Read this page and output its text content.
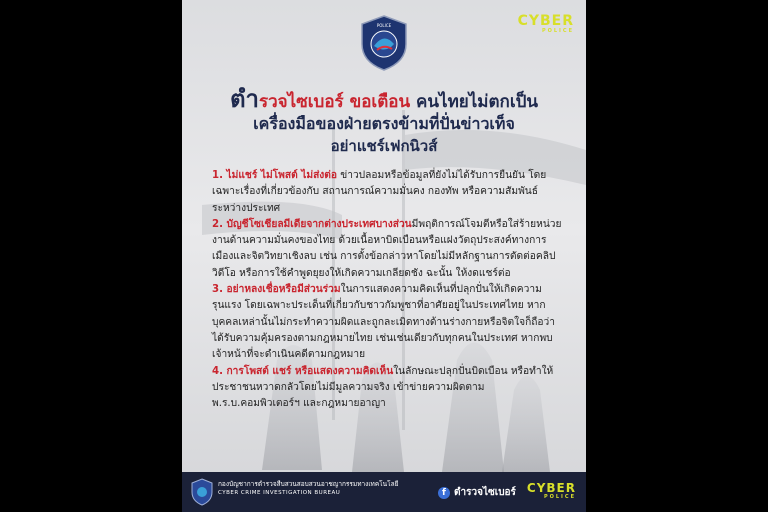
POLICE	CYBER
POLICE
ตำรวจไซเบอร์ ขอเตือน คนไทยไม่ตกเป็น
เครื่องมือของฝ่ายตรงข้ามที่ปั่นข่าวเท็จ
อย่าแชร์เฟกนิวส์

1. ไม่แชร์ ไม่โพสต์ ไม่ส่งต่อ ข่าวปลอมหรือข้อมูลที่ยังไม่ได้รับการยืนยัน โดยเฉพาะเรื่องที่เกี่ยวข้องกับ สถานการณ์ความมั่นคง กองทัพ หรือความสัมพันธ์ระหว่างประเทศ

2. บัญชีโซเชียลมีเดียจากต่างประเทศบางส่วนมีพฤติการณ์โจมตีหรือใส่ร้ายหน่วยงานด้านความมั่นคงของไทย ด้วยเนื้อหาบิดเบือนหรือแฝงวัตถุประสงค์ทางการเมืองและจิตวิทยาเชิงลบ เช่น การตั้งข้อกล่าวหาโดยไม่มีหลักฐานการตัดต่อคลิปวิดีโอ หรือการใช้คำพูดยุยงให้เกิดความเกลียดชัง ฉะนั้น ให้งดแชร์ต่อ

3. อย่าหลงเชื่อหรือมีส่วนร่วมในการแสดงความคิดเห็นที่ปลุกปั่นให้เกิดความรุนแรง โดยเฉพาะประเด็นที่เกี่ยวกับชาวกัมพูชาที่อาศัยอยู่ในประเทศไทย หากบุคคลเหล่านั้นไม่กระทำความผิดและถูกละเมิดทางด้านร่างกายหรือจิตใจก็ถือว่าได้รับความคุ้มครองตามกฎหมายไทย เช่นเช่นเดียวกับทุกคนในประเทศ หากพบเจ้าหน้าที่จะดำเนินคดีตามกฎหมาย

4. การโพสต์ แชร์ หรือแสดงความคิดเห็นในลักษณะปลุกปั่นบิดเบือน หรือทำให้ประชาชนหวาดกลัวโดยไม่มีมูลความจริง เข้าข่ายความผิดตาม พ.ร.บ.คอมพิวเตอร์ฯ และกฎหมายอาญา

กองบัญชาการตำรวจสืบสวนสอบสวนอาชญากรรมทางเทคโนโลยี
CYBER CRIME INVESTIGATION BUREAU	f ตำรวจไซเบอร์ CYBER
POLICE
